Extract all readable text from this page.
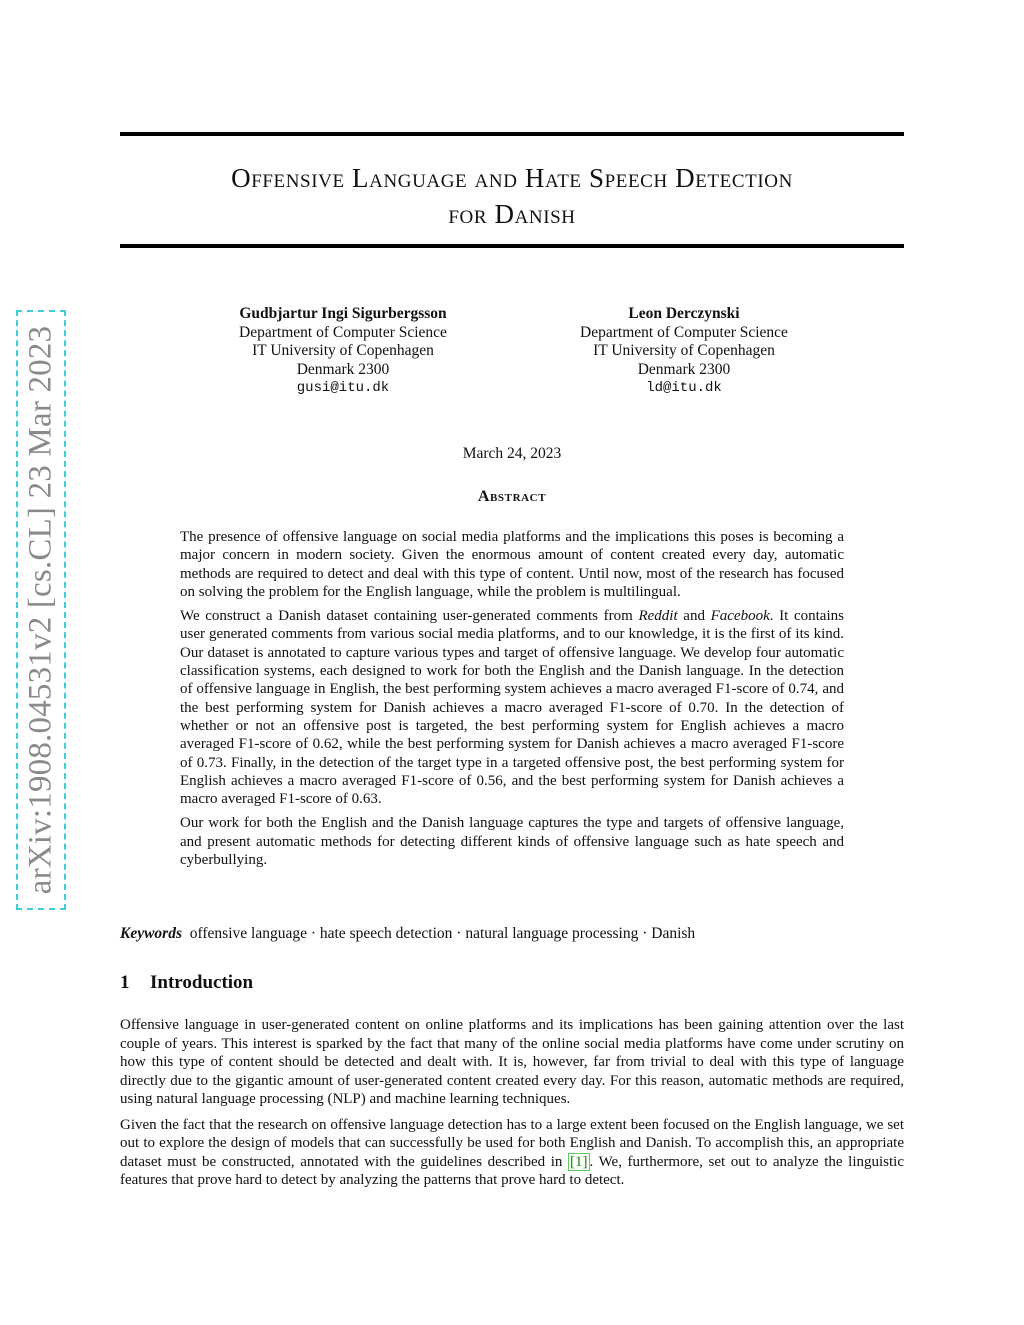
arXiv:1908.04531v2 [cs.CL] 23 Mar 2023
Offensive Language and Hate Speech Detection
for Danish
Gudbjartur Ingi Sigurbergsson
Department of Computer Science
IT University of Copenhagen
Denmark 2300
gusi@itu.dk
Leon Derczynski
Department of Computer Science
IT University of Copenhagen
Denmark 2300
ld@itu.dk
March 24, 2023
Abstract

The presence of offensive language on social media platforms and the implications this poses is becoming a major concern in modern society. Given the enormous amount of content created every day, automatic methods are required to detect and deal with this type of content. Until now, most of the research has focused on solving the problem for the English language, while the problem is multilingual.

We construct a Danish dataset containing user-generated comments from Reddit and Facebook. It contains user generated comments from various social media platforms, and to our knowledge, it is the first of its kind. Our dataset is annotated to capture various types and target of offensive language. We develop four automatic classification systems, each designed to work for both the English and the Danish language. In the detection of offensive language in English, the best performing system achieves a macro averaged F1-score of 0.74, and the best performing system for Danish achieves a macro averaged F1-score of 0.70. In the detection of whether or not an offensive post is targeted, the best performing system for English achieves a macro averaged F1-score of 0.62, while the best performing system for Danish achieves a macro averaged F1-score of 0.73. Finally, in the detection of the target type in a targeted offensive post, the best performing system for English achieves a macro averaged F1-score of 0.56, and the best performing system for Danish achieves a macro averaged F1-score of 0.63.

Our work for both the English and the Danish language captures the type and targets of offensive language, and present automatic methods for detecting different kinds of offensive language such as hate speech and cyberbullying.

Keywords offensive language · hate speech detection · natural language processing · Danish
1 Introduction

Offensive language in user-generated content on online platforms and its implications has been gaining attention over the last couple of years. This interest is sparked by the fact that many of the online social media platforms have come under scrutiny on how this type of content should be detected and dealt with. It is, however, far from trivial to deal with this type of language directly due to the gigantic amount of user-generated content created every day. For this reason, automatic methods are required, using natural language processing (NLP) and machine learning techniques.

Given the fact that the research on offensive language detection has to a large extent been focused on the English language, we set out to explore the design of models that can successfully be used for both English and Danish. To accomplish this, an appropriate dataset must be constructed, annotated with the guidelines described in [1] . We, furthermore, set out to analyze the linguistic features that prove hard to detect by analyzing the patterns that prove hard to detect.
